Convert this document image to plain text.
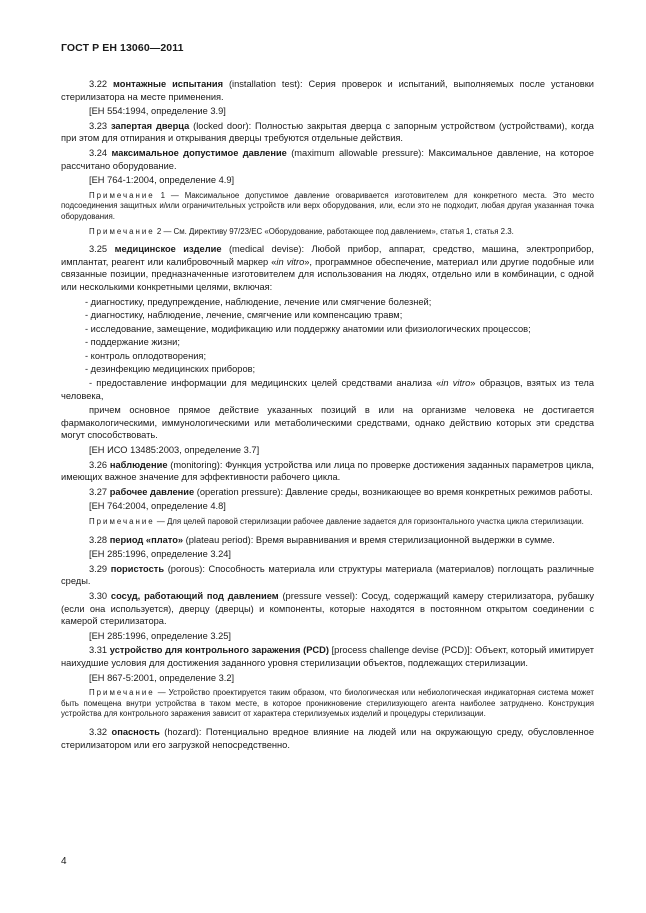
ГОСТ Р ЕН 13060—2011

3.22 монтажные испытания (installation test): Серия проверок и испытаний, выполняемых после установки стерилизатора на месте применения.

[ЕН 554:1994, определение 3.9]

3.23 запертая дверца (locked door): Полностью закрытая дверца с запорным устройством (устройствами), когда при этом для отпирания и открывания дверцы требуются отдельные действия.

3.24 максимальное допустимое давление (maximum allowable pressure): Максимальное давление, на которое рассчитано оборудование.

[ЕН 764-1:2004, определение 4.9]

Примечание 1 — Максимальное допустимое давление оговаривается изготовителем для конкретного места. Это место подсоединения защитных и/или ограничительных устройств или верх оборудования, или, если это не подходит, любая другая указанная точка оборудования.

Примечание 2 — См. Директиву 97/23/ЕС «Оборудование, работающее под давлением», статья 1, статья 2.3.

3.25 медицинское изделие (medical devise): Любой прибор, аппарат, средство, машина, электроприбор, имплантат, реагент или калибровочный маркер «in vitro», программное обеспечение, материал или другие подобные или связанные позиции, предназначенные изготовителем для использования на людях, отдельно или в комбинации, с одной или несколькими конкретными целями, включая:

- диагностику, предупреждение, наблюдение, лечение или смягчение болезней;

- диагностику, наблюдение, лечение, смягчение или компенсацию травм;

- исследование, замещение, модификацию или поддержку анатомии или физиологических процессов;

- поддержание жизни;

- контроль оплодотворения;

- дезинфекцию медицинских приборов;

- предоставление информации для медицинских целей средствами анализа «in vitro» образцов, взятых из тела человека,

причем основное прямое действие указанных позиций в или на организме человека не достигается фармакологическими, иммунологическими или метаболическими средствами, однако действию которых эти средства могут способствовать.

[ЕН ИСО 13485:2003, определение 3.7]

3.26 наблюдение (monitoring): Функция устройства или лица по проверке достижения заданных параметров цикла, имеющих важное значение для эффективности рабочего цикла.

3.27 рабочее давление (operation pressure): Давление среды, возникающее во время конкретных режимов работы.

[ЕН 764:2004, определение 4.8]

Примечание — Для целей паровой стерилизации рабочее давление задается для горизонтального участка цикла стерилизации.

3.28 период «плато» (plateau period): Время выравнивания и время стерилизационной выдержки в сумме.

[ЕН 285:1996, определение 3.24]

3.29 пористость (porous): Способность материала или структуры материала (материалов) поглощать различные среды.

3.30 сосуд, работающий под давлением (pressure vessel): Сосуд, содержащий камеру стерилизатора, рубашку (если она используется), дверцу (дверцы) и компоненты, которые находятся в постоянном открытом соединении с камерой стерилизатора.

[ЕН 285:1996, определение 3.25]

3.31 устройство для контрольного заражения (PCD) [process challenge devise (PCD)]: Объект, который имитирует наихудшие условия для достижения заданного уровня стерилизации объектов, подлежащих стерилизации.

[ЕН 867-5:2001, определение 3.2]

Примечание — Устройство проектируется таким образом, что биологическая или небиологическая индикаторная система может быть помещена внутри устройства в таком месте, в которое проникновение стерилизующего агента наиболее затруднено. Конструкция устройства для контрольного заражения зависит от характера стерилизуемых изделий и процедуры стерилизации.

3.32 опасность (hozard): Потенциально вредное влияние на людей или на окружающую среду, обусловленное стерилизатором или его загрузкой непосредственно.

4
